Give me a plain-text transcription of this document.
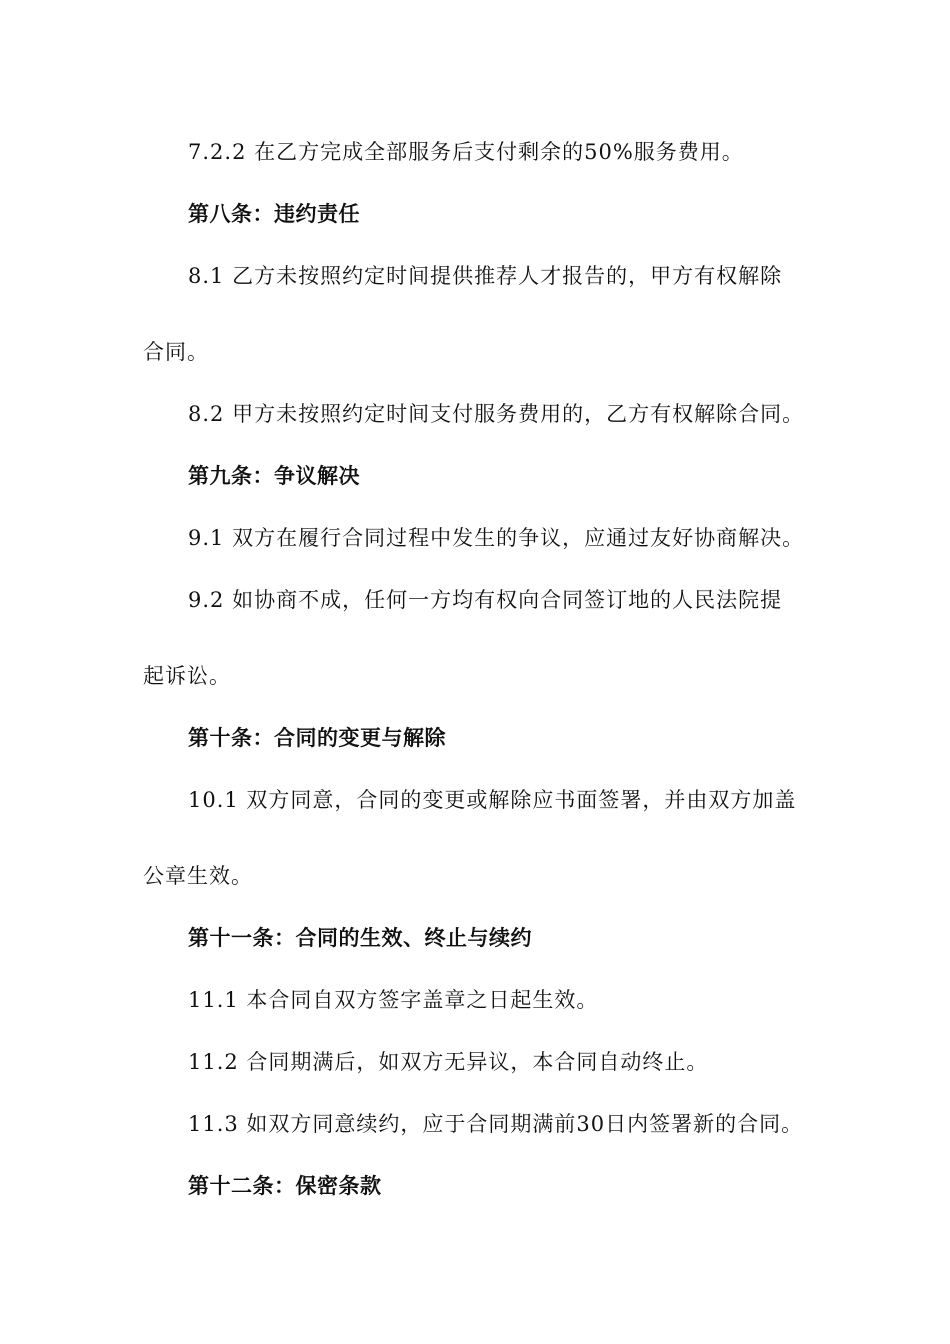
7.2.2 在乙方完成全部服务后支付剩余的50%服务费用。
第八条：违约责任
8.1 乙方未按照约定时间提供推荐人才报告的，甲方有权解除
合同。
8.2 甲方未按照约定时间支付服务费用的，乙方有权解除合同。
第九条：争议解决
9.1 双方在履行合同过程中发生的争议，应通过友好协商解决。
9.2 如协商不成，任何一方均有权向合同签订地的人民法院提
起诉讼。
第十条：合同的变更与解除
10.1 双方同意，合同的变更或解除应书面签署，并由双方加盖
公章生效。
第十一条：合同的生效、终止与续约
11.1 本合同自双方签字盖章之日起生效。
11.2 合同期满后，如双方无异议，本合同自动终止。
11.3 如双方同意续约，应于合同期满前30日内签署新的合同。
第十二条：保密条款
